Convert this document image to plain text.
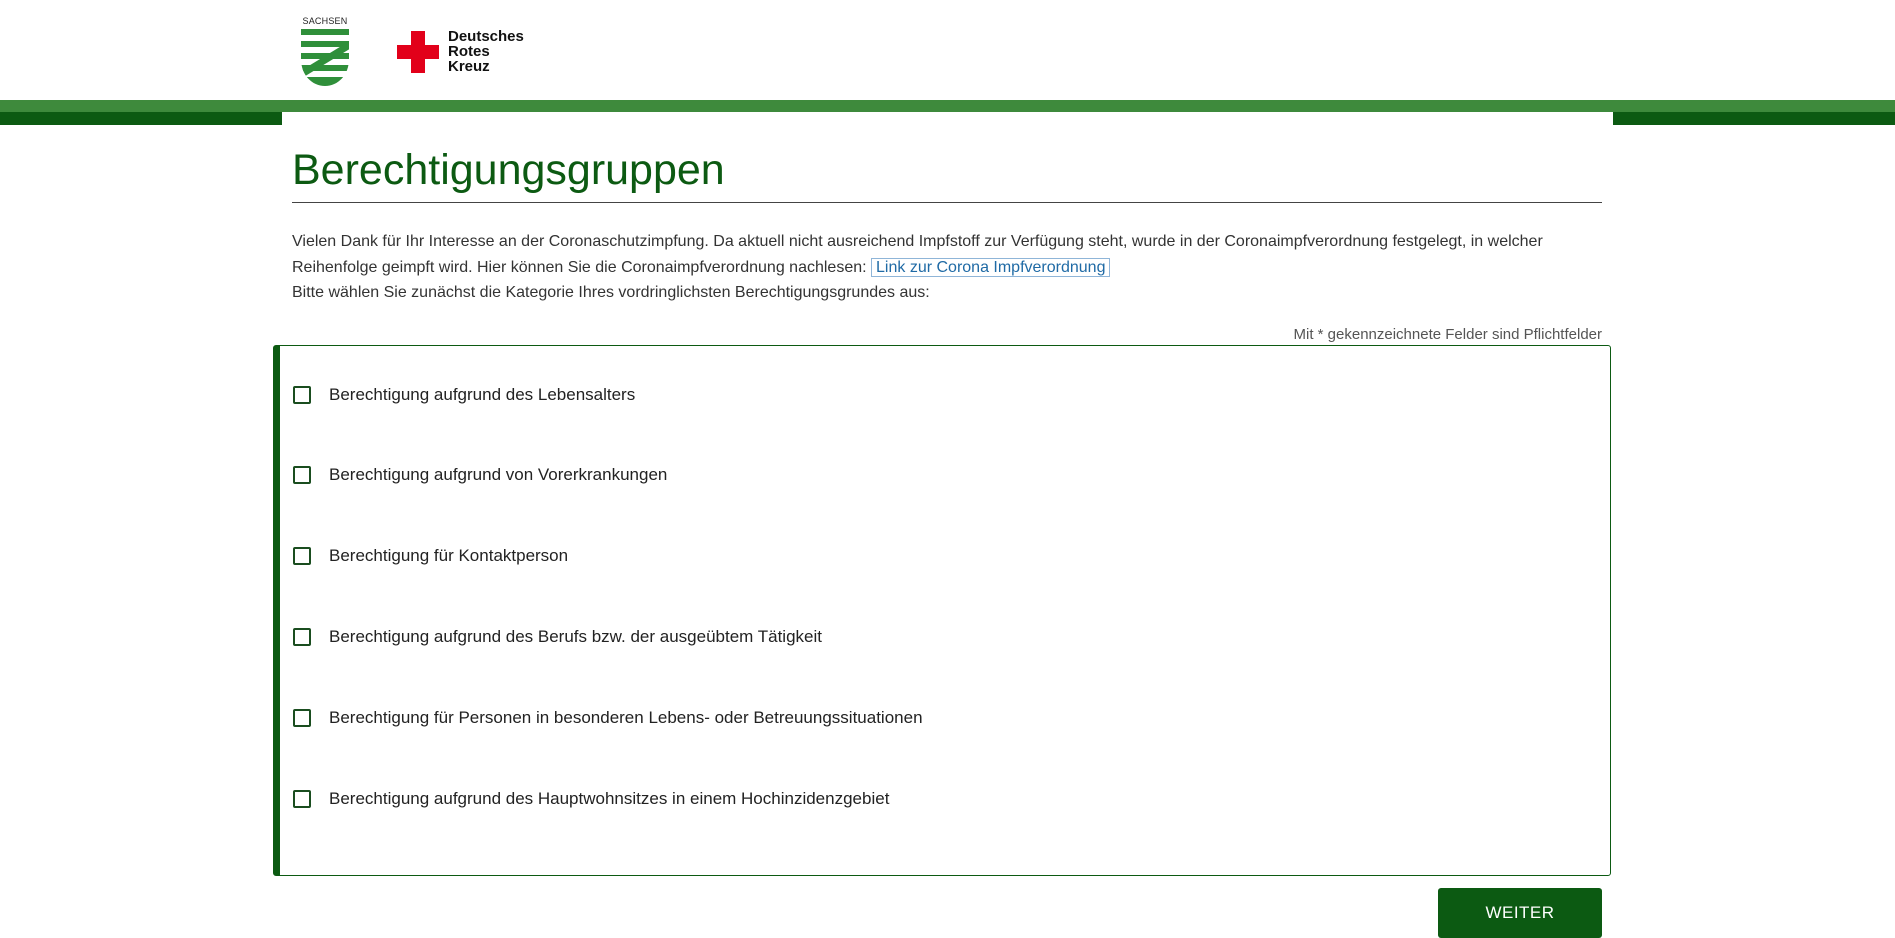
SACHSEN
Deutsches
Rotes
Kreuz
Berechtigungsgruppen
Vielen Dank für Ihr Interesse an der Coronaschutzimpfung. Da aktuell nicht ausreichend Impfstoff zur Verfügung steht, wurde in der Coronaimpfverordnung festgelegt, in welcher Reihenfolge geimpft wird. Hier können Sie die Coronaimpfverordnung nachlesen: Link zur Corona Impfverordnung
Bitte wählen Sie zunächst die Kategorie Ihres vordringlichsten Berechtigungsgrundes aus:
Mit * gekennzeichnete Felder sind Pflichtfelder
Berechtigung aufgrund des Lebensalters
Berechtigung aufgrund von Vorerkrankungen
Berechtigung für Kontaktperson
Berechtigung aufgrund des Berufs bzw. der ausgeübtem Tätigkeit
Berechtigung für Personen in besonderen Lebens- oder Betreuungssituationen
Berechtigung aufgrund des Hauptwohnsitzes in einem Hochinzidenzgebiet
WEITER
